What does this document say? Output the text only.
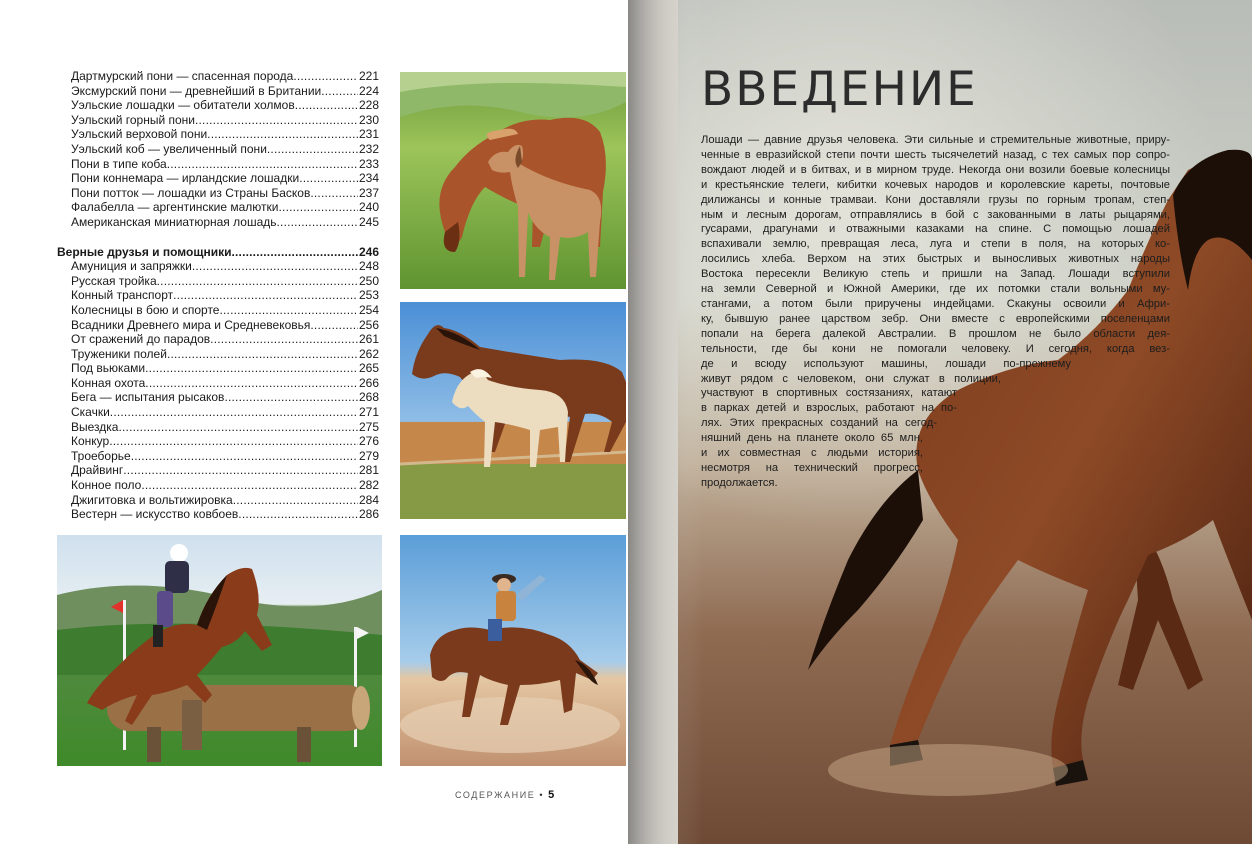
Дартмурский пони — спасенная порода .....	221
Эксмурский пони — древнейший в Британии .....	224
Уэльские лошадки — обитатели холмов .....	228
Уэльский горный пони .....	230
Уэльский верховой пони .....	231
Уэльский коб — увеличенный пони .....	232
Пони в типе коба .....	233
Пони коннемара — ирландские лошадки .....	234
Пони потток — лошадки из Страны Басков .....	237
Фалабелла — аргентинские малютки .....	240
Американская миниатюрная лошадь .....	245
Верные друзья и помощники .....	246
Амуниция и запряжки .....	248
Русская тройка .....	250
Конный транспорт .....	253
Колесницы в бою и спорте .....	254
Всадники Древнего мира и Средневековья .....	256
От сражений до парадов .....	261
Труженики полей .....	262
Под вьюками .....	265
Конная охота .....	266
Бега — испытания рысаков .....	268
Скачки .....	271
Выездка .....	275
Конкур .....	276
Троеборье .....	279
Драйвинг .....	281
Конное поло .....	282
Джигитовка и вольтижировка .....	284
Вестерн — искусство ковбоев .....	286
СОДЕРЖАНИЕ • 5
ВВЕДЕНИЕ
Лошади — давние друзья человека. Эти сильные и стремительные животные, приру-
ченные в евразийской степи почти шесть тысячелетий назад, с тех самых пор сопро-
вождают людей и в битвах, и в мирном труде. Некогда они возили боевые колесницы
и крестьянские телеги, кибитки кочевых народов и королевские кареты, почтовые
дилижансы и конные трамваи. Кони доставляли грузы по горным тропам, степ-
ным и лесным дорогам, отправлялись в бой с закованными в латы рыцарями,
гусарами, драгунами и отважными казаками на спине. С помощью лошадей
вспахивали землю, превращая леса, луга и степи в поля, на которых ко-
лосились хлеба. Верхом на этих быстрых и выносливых животных народы
Востока пересекли Великую степь и пришли на Запад. Лошади вступили
на земли Северной и Южной Америки, где их потомки стали вольными му-
стангами, а потом были приручены индейцами. Скакуны освоили и Афри-
ку, бывшую ранее царством зебр. Они вместе с европейскими поселенцами
попали на берега далекой Австралии. В прошлом не было области дея-
тельности, где бы кони не помогали человеку. И сегодня, когда вез-
де и всюду используют машины, лошади по-прежнему
живут рядом с человеком, они служат в полиции,
участвуют в спортивных состязаниях, катают
в парках детей и взрослых, работают на по-
лях. Этих прекрасных созданий на сегод-
няшний день на планете около 65 млн,
и их совместная с людьми история,
несмотря на технический прогресс,
продолжается.
